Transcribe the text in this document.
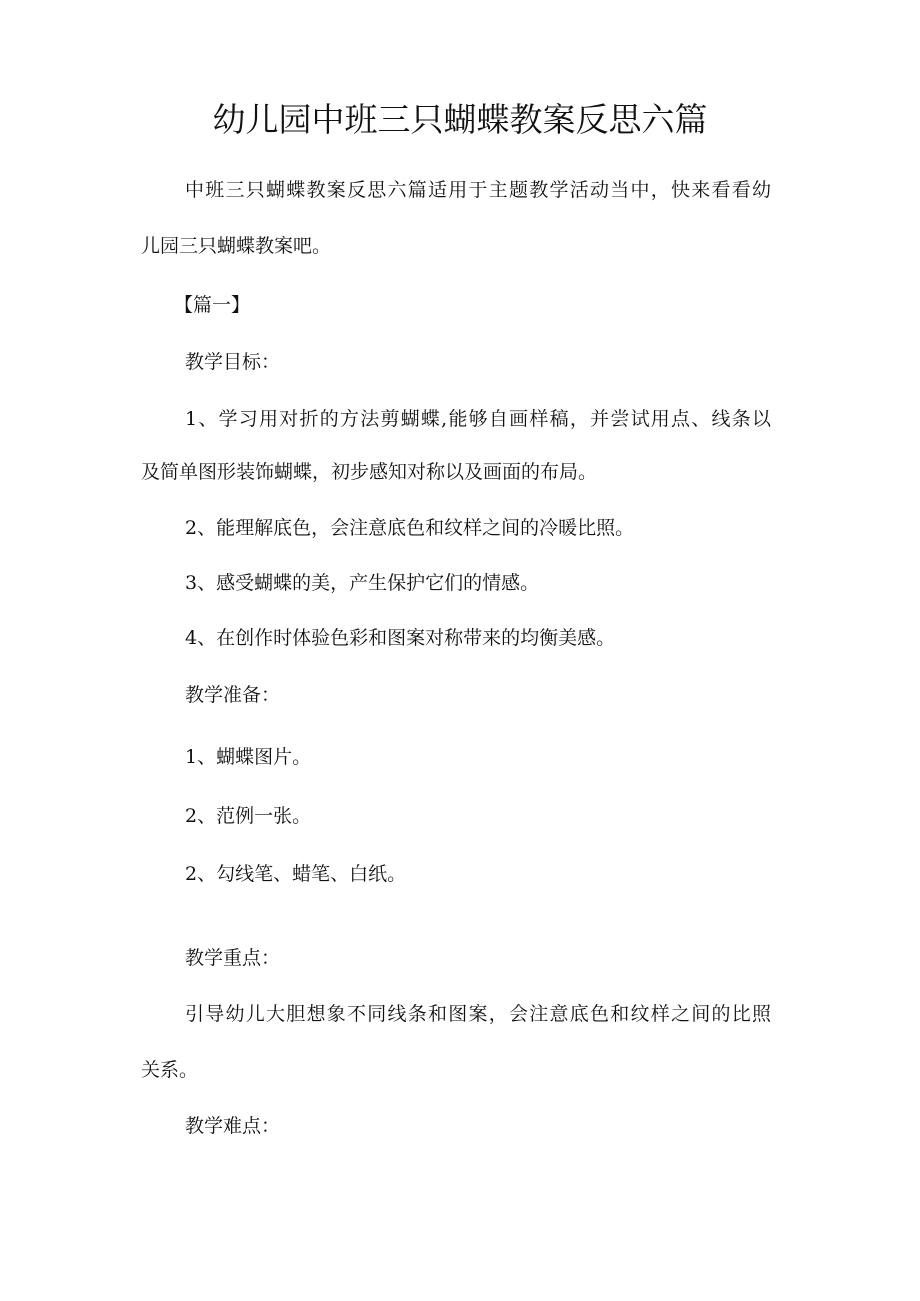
幼儿园中班三只蝴蝶教案反思六篇

中班三只蝴蝶教案反思六篇适用于主题教学活动当中，快来看看幼

儿园三只蝴蝶教案吧。

【篇一】

教学目标：

1、学习用对折的方法剪蝴蝶,能够自画样稿，并尝试用点、线条以

及简单图形装饰蝴蝶，初步感知对称以及画面的布局。

2、能理解底色，会注意底色和纹样之间的冷暖比照。

3、感受蝴蝶的美，产生保护它们的情感。

4、在创作时体验色彩和图案对称带来的均衡美感。

教学准备：

1、蝴蝶图片。

2、范例一张。

2、勾线笔、蜡笔、白纸。

教学重点：

引导幼儿大胆想象不同线条和图案，会注意底色和纹样之间的比照

关系。

教学难点：
